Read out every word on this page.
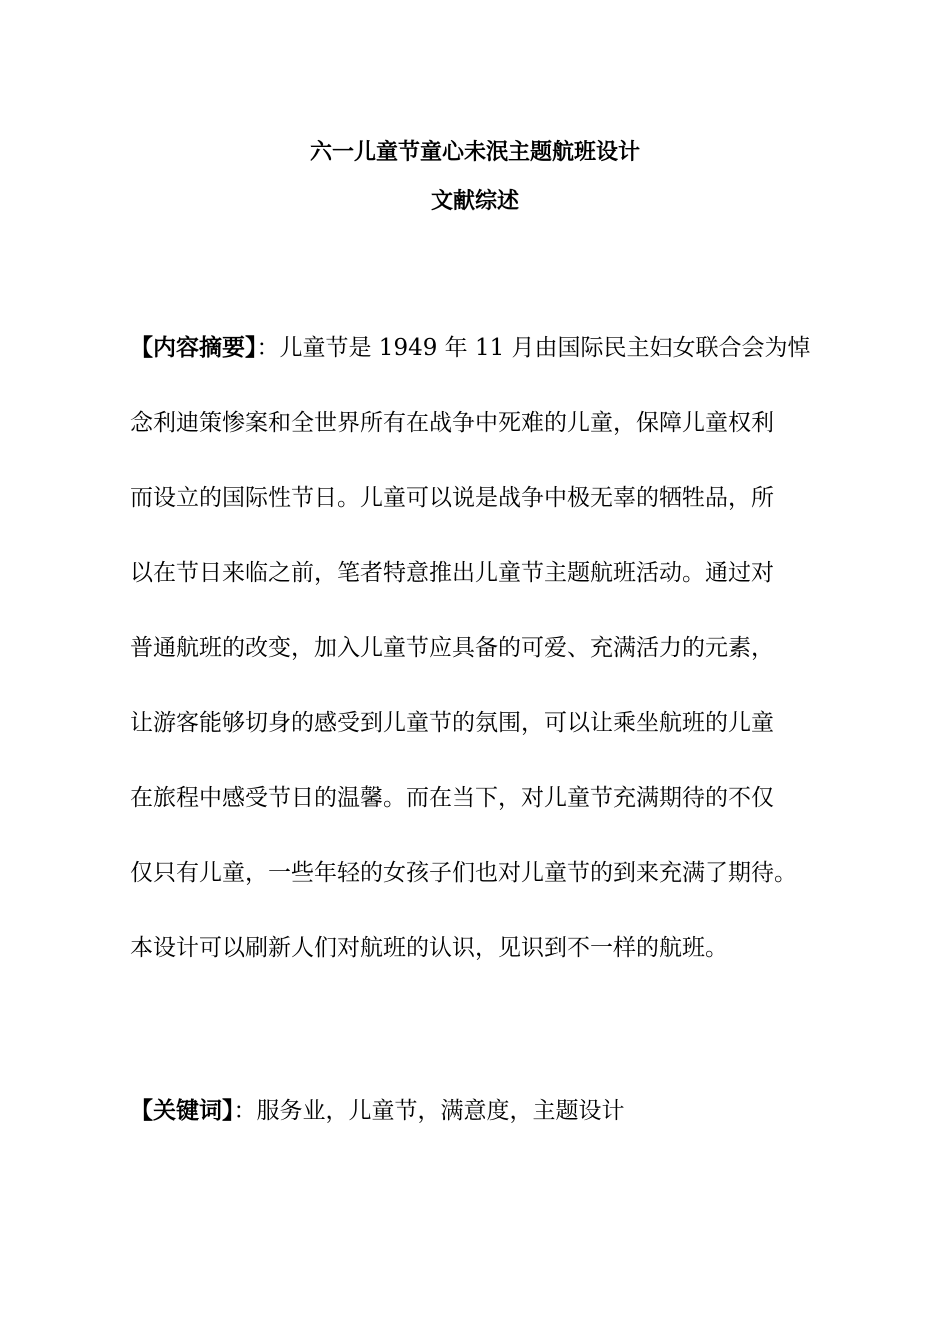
六一儿童节童心未泯主题航班设计
文献综述
【内容摘要】：儿童节是 1949 年 11 月由国际民主妇女联合会为悼
念利迪策惨案和全世界所有在战争中死难的儿童，保障儿童权利
而设立的国际性节日。儿童可以说是战争中极无辜的牺牲品，所
以在节日来临之前，笔者特意推出儿童节主题航班活动。通过对
普通航班的改变，加入儿童节应具备的可爱、充满活力的元素，
让游客能够切身的感受到儿童节的氛围，可以让乘坐航班的儿童
在旅程中感受节日的温馨。而在当下，对儿童节充满期待的不仅
仅只有儿童，一些年轻的女孩子们也对儿童节的到来充满了期待。
本设计可以刷新人们对航班的认识，见识到不一样的航班。

【关键词】：服务业，儿童节，满意度，主题设计
